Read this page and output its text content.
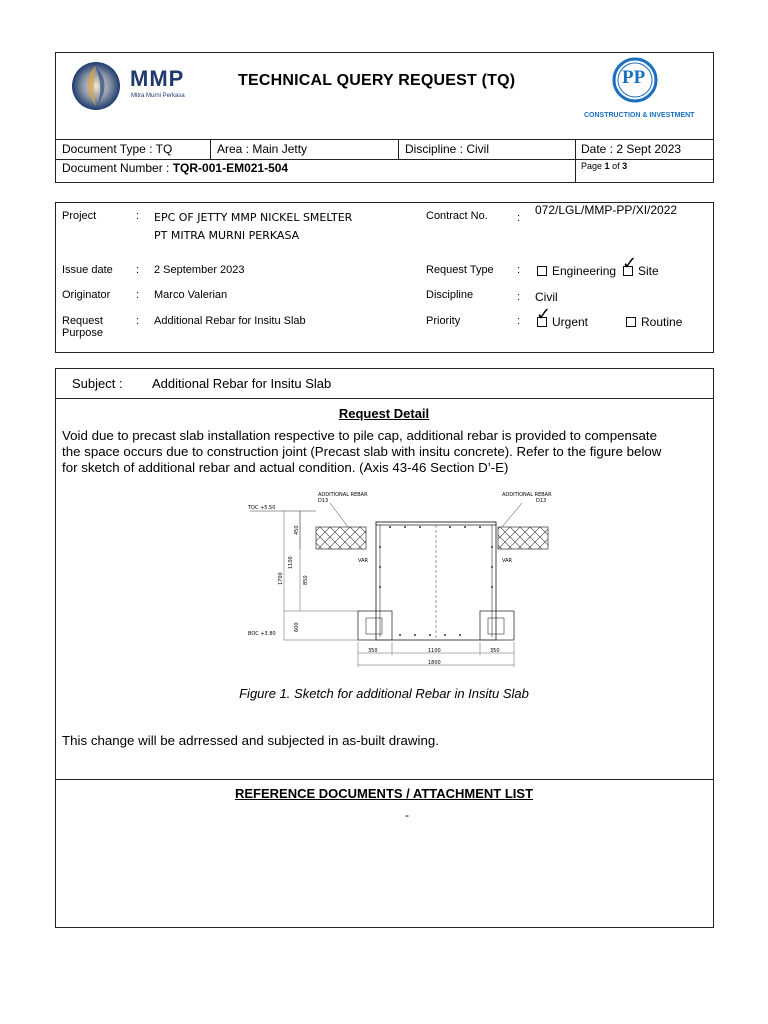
MMP
Mitra Murni Perkasa
TECHNICAL QUERY REQUEST (TQ)	PP
CONSTRUCTION & INVESTMENT
Document Type : TQ	Area : Main Jetty	Discipline : Civil	Date : 2 Sept 2023
Document Number : TQR-001-EM021-504	Page 1 of 3
Project	: EPC OF JETTY MMP NICKEL SMELTER
PT MITRA MURNI PERKASA
Contract No.	:
072/LGL/MMP-PP/XI/2022
Issue date : 2 September 2023	Request Type :	Engineering	Site
✓
Originator : Marco Valerian	Discipline	: Civil
Request
Purpose
: Additional Rebar for Insitu Slab	Priority	:	Urgent
✓	Routine
Subject : Additional Rebar for Insitu Slab
Request Detail
Void due to precast slab installation respective to pile cap, additional rebar is provided to compensate
the space occurs due to construction joint (Precast slab with insitu concrete). Refer to the figure below
for sketch of additional rebar and actual condition. (Axis 43-46 Section D’-E)
ADDITIONAL REBAR
D13
ADDITIONAL REBAR
D13
TOC +5.50
VAR	VAR
450
1100
1700	850
600
BOC +3.80
350	1100	350
1800
Figure 1. Sketch for additional Rebar in Insitu Slab
This change will be adrressed and subjected in as-built drawing.
REFERENCE DOCUMENTS / ATTACHMENT LIST
-
